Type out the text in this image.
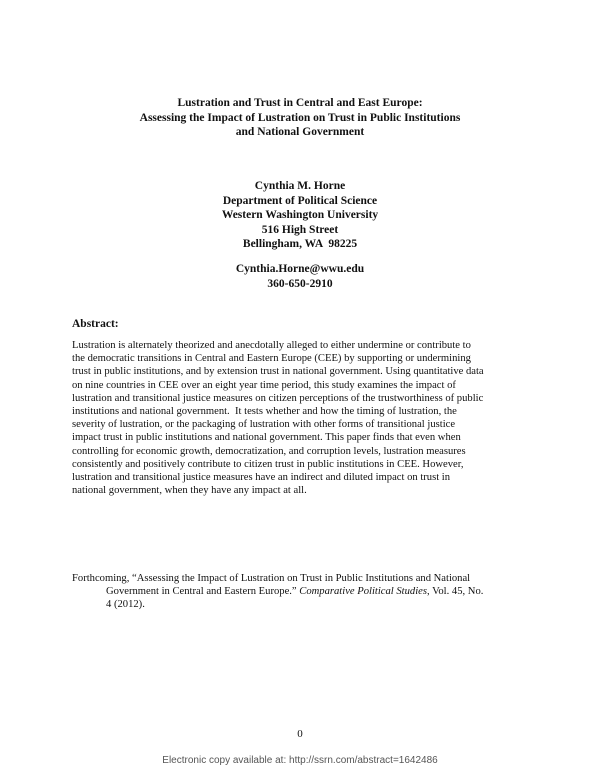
Lustration and Trust in Central and East Europe:
Assessing the Impact of Lustration on Trust in Public Institutions
and National Government
Cynthia M. Horne
Department of Political Science
Western Washington University
516 High Street
Bellingham, WA  98225
Cynthia.Horne@wwu.edu
360-650-2910
Abstract:
Lustration is alternately theorized and anecdotally alleged to either undermine or contribute to
the democratic transitions in Central and Eastern Europe (CEE) by supporting or undermining
trust in public institutions, and by extension trust in national government. Using quantitative data
on nine countries in CEE over an eight year time period, this study examines the impact of
lustration and transitional justice measures on citizen perceptions of the trustworthiness of public
institutions and national government.  It tests whether and how the timing of lustration, the
severity of lustration, or the packaging of lustration with other forms of transitional justice
impact trust in public institutions and national government. This paper finds that even when
controlling for economic growth, democratization, and corruption levels, lustration measures
consistently and positively contribute to citizen trust in public institutions in CEE. However,
lustration and transitional justice measures have an indirect and diluted impact on trust in
national government, when they have any impact at all.
Forthcoming, “Assessing the Impact of Lustration on Trust in Public Institutions and National
Government in Central and Eastern Europe.” Comparative Political Studies, Vol. 45, No.
4 (2012).
0
Electronic copy available at: http://ssrn.com/abstract=1642486
